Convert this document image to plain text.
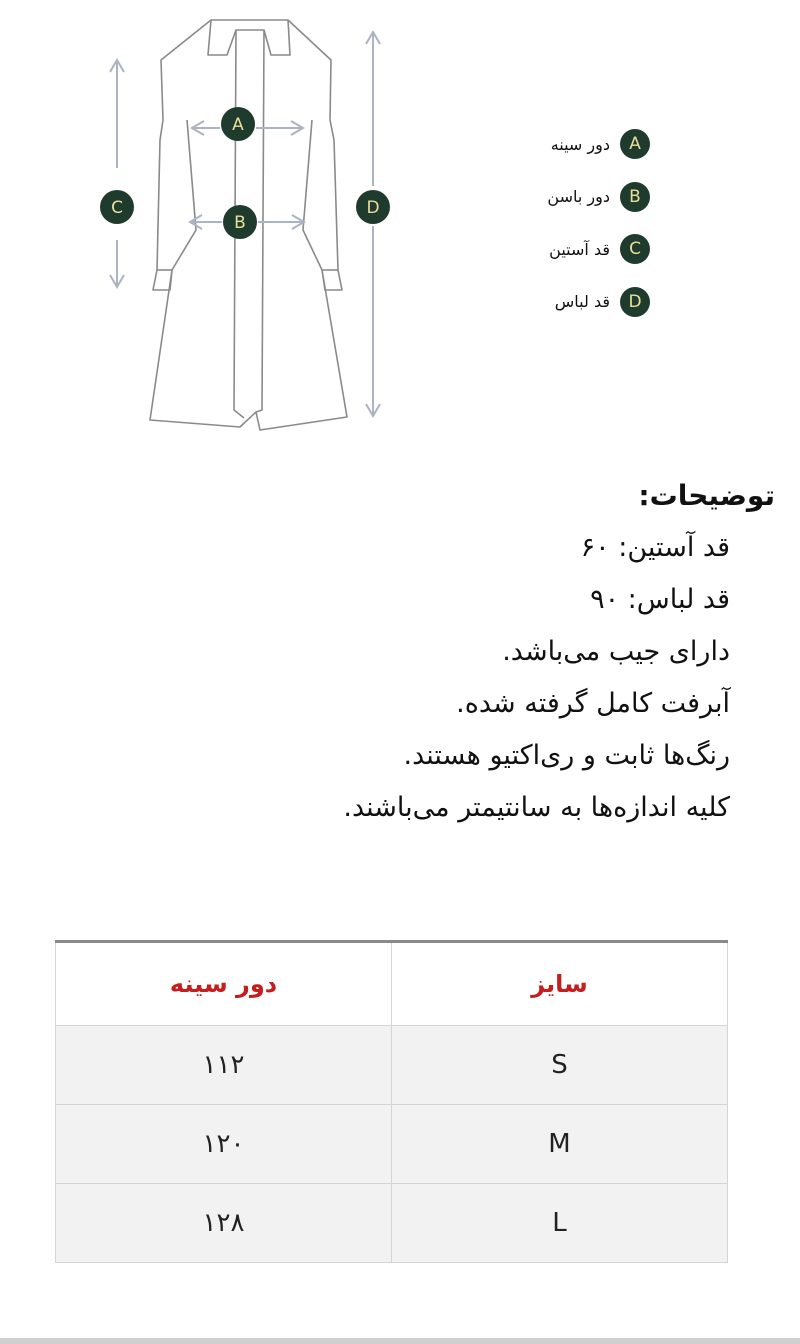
A
B
C	D
A
دور سینه
B
دور باسن
C
قد آستین
D
قد لباس
توضیحات:
قد آستین: ۶۰
قد لباس: ۹۰
دارای جیب می‌باشد.
آبرفت کامل گرفته شده.
رنگ‌ها ثابت و ری‌اکتیو هستند.
کلیه اندازه‌ها به سانتیمتر می‌باشند.
سایز	دور سینه
S	۱۱۲
M	۱۲۰
L	۱۲۸
